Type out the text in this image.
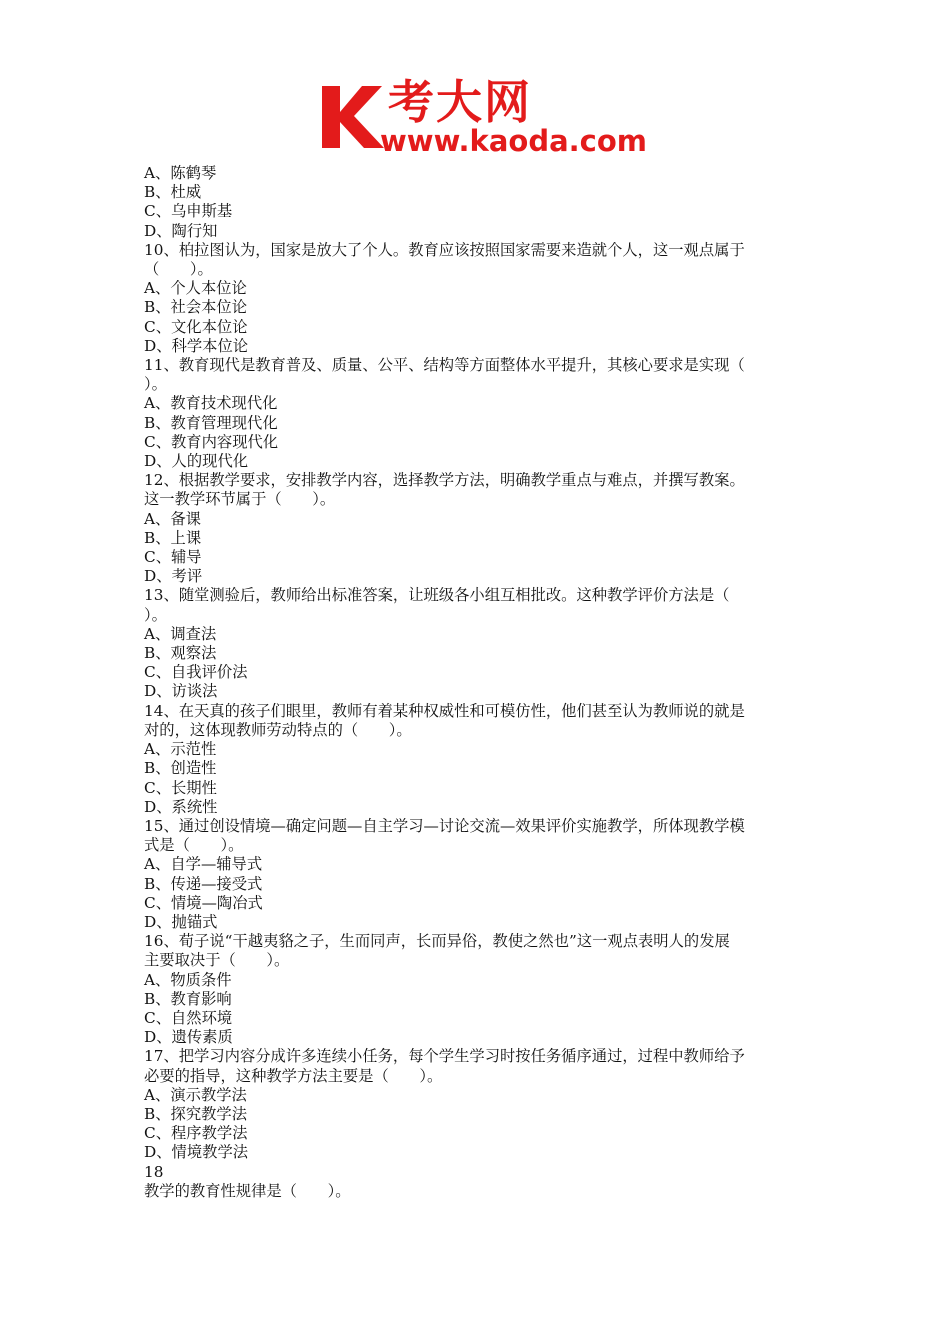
考大网
www.kaoda.com
A、陈鹤琴
B、杜威
C、乌申斯基
D、陶行知
10、柏拉图认为，国家是放大了个人。教育应该按照国家需要来造就个人，这一观点属于
（　　）。
A、个人本位论
B、社会本位论
C、文化本位论
D、科学本位论
11、教育现代是教育普及、质量、公平、结构等方面整体水平提升，其核心要求是实现（
）。
A、教育技术现代化
B、教育管理现代化
C、教育内容现代化
D、人的现代化
12、根据教学要求，安排教学内容，选择教学方法，明确教学重点与难点，并撰写教案。
这一教学环节属于（　　）。
A、备课
B、上课
C、辅导
D、考评
13、随堂测验后，教师给出标准答案，让班级各小组互相批改。这种教学评价方法是（
）。
A、调查法
B、观察法
C、自我评价法
D、访谈法
14、在天真的孩子们眼里，教师有着某种权威性和可模仿性，他们甚至认为教师说的就是
对的，这体现教师劳动特点的（　　）。
A、示范性
B、创造性
C、长期性
D、系统性
15、通过创设情境—确定问题—自主学习—讨论交流—效果评价实施教学，所体现教学模
式是（　　）。
A、自学—辅导式
B、传递—接受式
C、情境—陶冶式
D、抛锚式
16、荀子说“干越夷貉之子，生而同声，长而异俗，教使之然也”这一观点表明人的发展
主要取决于（　　）。
A、物质条件
B、教育影响
C、自然环境
D、遗传素质
17、把学习内容分成许多连续小任务，每个学生学习时按任务循序通过，过程中教师给予
必要的指导，这种教学方法主要是（　　）。
A、演示教学法
B、探究教学法
C、程序教学法
D、情境教学法
18
教学的教育性规律是（　　）。
